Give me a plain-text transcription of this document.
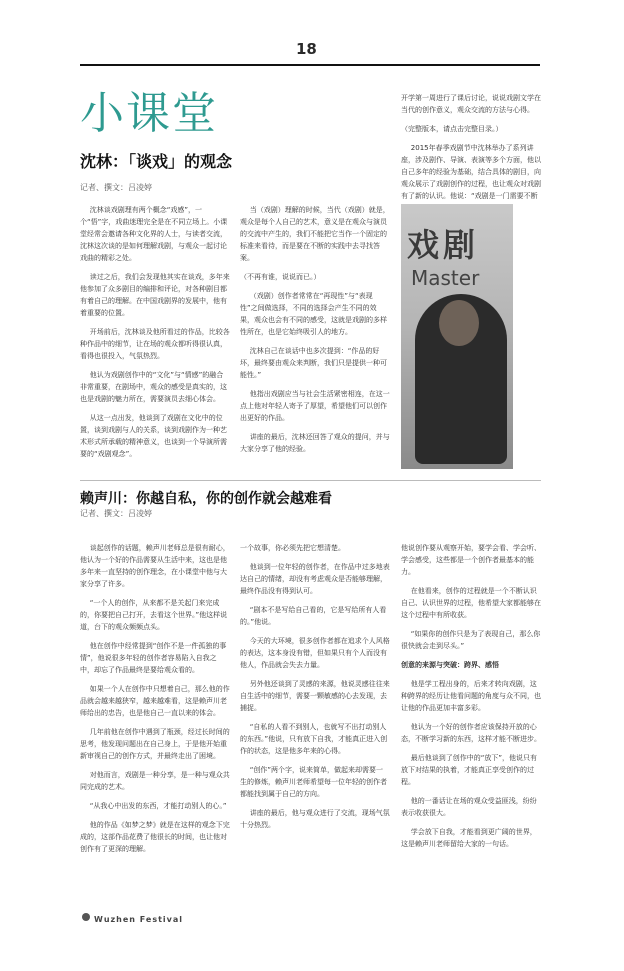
18
小课堂
沈林：「谈戏」的观念
记者、撰文：吕凌婷

沈林谈戏剧理有两个概念“戏感”，一个“悟”字，戏曲迷理完全是在不同立场上。小课堂经常会邀请各种文化界的人士，与读者交流，沈林这次谈的是如何理解戏剧，与观众一起讨论戏曲的精彩之处。

读过之后，我们会发现他其实在谈戏，多年来他参加了众多剧目的编排和评论，对各种剧目都有着自己的理解。在中国戏剧界的发展中，他有着重要的位置。

开场前后，沈林谈及他所看过的作品，比较各种作品中的细节，让在场的观众都听得很认真，看得也很投入，气氛热烈。

他认为戏剧创作中的“文化”与“情感”的融合非常重要，在剧场中，观众的感受是真实的，这也是戏剧的魅力所在，需要演员去细心体会。

从这一点出发，他谈到了戏剧在文化中的位置，谈到戏剧与人的关系，谈到戏剧作为一种艺术形式所承载的精神意义，也谈到一个导演所需要的“戏剧观念”。

当（戏剧）理解的时候，当代（戏剧）就是，观众是每个人自己的艺术，意义是在观众与演员的交流中产生的，我们不能把它当作一个固定的标准来看待，而是要在不断的实践中去寻找答案。

（不再有谁，说说而已。）

（戏剧）创作者常常在“再现性”与“表现性”之间做选择，不同的选择会产生不同的效果，观众也会有不同的感受，这就是戏剧的多样性所在，也是它始终吸引人的地方。

沈林自己在谈话中也多次提到：“作品的好坏，最终要由观众来判断，我们只是提供一种可能性。”

他指出戏剧应当与社会生活紧密相连，在这一点上他对年轻人寄予了厚望，希望他们可以创作出更好的作品。

讲座的最后，沈林还回答了观众的提问，并与大家分享了他的经验。

开学第一周进行了课后讨论，说说戏剧文学在当代的创作意义，观众交流的方法与心得。

（完整版本，请点击完整目录。）

2015年春季戏剧节中沈林举办了系列讲座，涉及剧作、导演、表演等多个方面，他以自己多年的经验为基础，结合具体的剧目，向观众展示了戏剧创作的过程，也让观众对戏剧有了新的认识。他说：“戏剧是一门需要不断

戏剧
Master
赖声川：你越自私，你的创作就会越难看
记者、撰文：吕凌婷

谈起创作的话题，赖声川老师总是很有耐心，他认为一个好的作品需要从生活中来，这也是他多年来一直坚持的创作理念，在小课堂中他与大家分享了许多。

“一个人的创作，从来都不是关起门来完成的，你要把自己打开，去看这个世界。”他这样说道，台下的观众频频点头。

他在创作中经常提到“创作不是一件孤独的事情”，他说很多年轻的创作者容易陷入自我之中，却忘了作品最终是要给观众看的。

如果一个人在创作中只想着自己，那么他的作品就会越来越狭窄，越来越难看，这是赖声川老师给出的忠告，也是他自己一直以来的体会。

几年前他在创作中遇到了瓶颈，经过长时间的思考，他发现问题出在自己身上，于是他开始重新审视自己的创作方式，并最终走出了困境。

对他而言，戏剧是一种分享，是一种与观众共同完成的艺术。

“从我心中出发的东西，才能打动别人的心。”

他的作品《如梦之梦》就是在这样的观念下完成的，这部作品花费了他很长的时间，也让他对创作有了更深的理解。

一个故事，你必须先把它想清楚。

他谈到一位年轻的创作者，在作品中过多地表达自己的情绪，却没有考虑观众是否能够理解，最终作品没有得到认可。

“剧本不是写给自己看的，它是写给所有人看的。”他说。

今天的大环境，很多创作者都在追求个人风格的表达，这本身没有错，但如果只有个人而没有他人，作品就会失去力量。

另外他还谈到了灵感的来源，他说灵感往往来自生活中的细节，需要一颗敏感的心去发现，去捕捉。

“自私的人看不到别人，也就写不出打动别人的东西。”他说，只有放下自我，才能真正进入创作的状态，这是他多年来的心得。

“创作”两个字，说来简单，做起来却需要一生的修炼，赖声川老师希望每一位年轻的创作者都能找到属于自己的方向。

讲座的最后，他与观众进行了交流，现场气氛十分热烈。

他说创作要从观察开始，要学会看、学会听、学会感受，这些都是一个创作者最基本的能力。

在他看来，创作的过程就是一个不断认识自己、认识世界的过程，他希望大家都能够在这个过程中有所收获。

“如果你的创作只是为了表现自己，那么你很快就会走到尽头。”

创意的来源与突破：跨界、感悟

他是学工程出身的，后来才转向戏剧，这种跨界的经历让他看问题的角度与众不同，也让他的作品更加丰富多彩。

他认为一个好的创作者应该保持开放的心态，不断学习新的东西，这样才能不断进步。

最后他谈到了创作中的“放下”，他说只有放下对结果的执着，才能真正享受创作的过程。

他的一番话让在场的观众受益匪浅，纷纷表示收获很大。

学会放下自我，才能看到更广阔的世界，这是赖声川老师留给大家的一句话。

Wuzhen Festival
